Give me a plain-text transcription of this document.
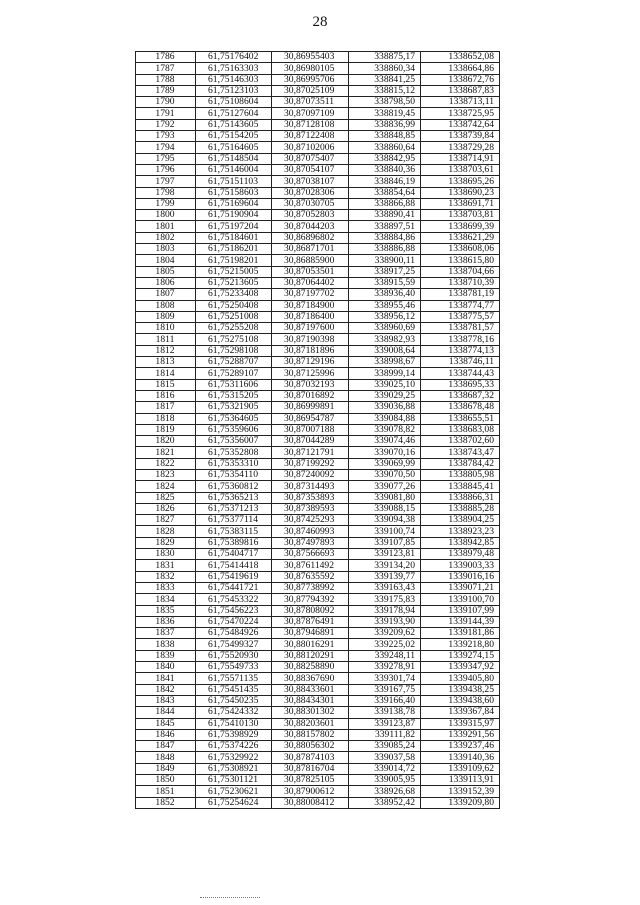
28
1786	61,75176402	30,86955403	338875,17	1338652,08
1787	61,75163303	30,86980105	338860,34	1338664,86
1788	61,75146303	30,86995706	338841,25	1338672,76
1789	61,75123103	30,87025109	338815,12	1338687,83
1790	61,75108604	30,87073511	338798,50	1338713,11
1791	61,75127604	30,87097109	338819,45	1338725,95
1792	61,75143605	30,87128108	338836,99	1338742,64
1793	61,75154205	30,87122408	338848,85	1338739,84
1794	61,75164605	30,87102006	338860,64	1338729,28
1795	61,75148504	30,87075407	338842,95	1338714,91
1796	61,75146004	30,87054107	338840,36	1338703,61
1797	61,75151103	30,87038107	338846,19	1338695,26
1798	61,75158603	30,87028306	338854,64	1338690,23
1799	61,75169604	30,87030705	338866,88	1338691,71
1800	61,75190904	30,87052803	338890,41	1338703,81
1801	61,75197204	30,87044203	338897,51	1338699,39
1802	61,75184601	30,86896802	338884,86	1338621,29
1803	61,75186201	30,86871701	338886,88	1338608,06
1804	61,75198201	30,86885900	338900,11	1338615,80
1805	61,75215005	30,87053501	338917,25	1338704,66
1806	61,75213605	30,87064402	338915,59	1338710,39
1807	61,75233408	30,87197702	338936,40	1338781,19
1808	61,75250408	30,87184900	338955,46	1338774,77
1809	61,75251008	30,87186400	338956,12	1338775,57
1810	61,75255208	30,87197600	338960,69	1338781,57
1811	61,75275108	30,87190398	338982,93	1338778,16
1812	61,75298108	30,87181896	339008,64	1338774,13
1813	61,75288707	30,87129196	338998,67	1338746,11
1814	61,75289107	30,87125996	338999,14	1338744,43
1815	61,75311606	30,87032193	339025,10	1338695,33
1816	61,75315205	30,87016892	339029,25	1338687,32
1817	61,75321905	30,86999891	339036,88	1338678,48
1818	61,75364605	30,86954787	339084,88	1338655,51
1819	61,75359606	30,87007188	339078,82	1338683,08
1820	61,75356007	30,87044289	339074,46	1338702,60
1821	61,75352808	30,87121791	339070,16	1338743,47
1822	61,75353310	30,87199292	339069,99	1338784,42
1823	61,75354110	30,87240092	339070,50	1338805,98
1824	61,75360812	30,87314493	339077,26	1338845,41
1825	61,75365213	30,87353893	339081,80	1338866,31
1826	61,75371213	30,87389593	339088,15	1338885,28
1827	61,75377114	30,87425293	339094,38	1338904,25
1828	61,75383115	30,87460993	339100,74	1338923,23
1829	61,75389816	30,87497893	339107,85	1338942,85
1830	61,75404717	30,87566693	339123,81	1338979,48
1831	61,75414418	30,87611492	339134,20	1339003,33
1832	61,75419619	30,87635592	339139,77	1339016,16
1833	61,75441721	30,87738992	339163,43	1339071,21
1834	61,75453322	30,87794392	339175,83	1339100,70
1835	61,75456223	30,87808092	339178,94	1339107,99
1836	61,75470224	30,87876491	339193,90	1339144,39
1837	61,75484926	30,87946891	339209,62	1339181,86
1838	61,75499327	30,88016291	339225,02	1339218,80
1839	61,75520930	30,88120291	339248,11	1339274,15
1840	61,75549733	30,88258890	339278,91	1339347,92
1841	61,75571135	30,88367690	339301,74	1339405,80
1842	61,75451435	30,88433601	339167,75	1339438,25
1843	61,75450235	30,88434301	339166,40	1339438,60
1844	61,75424332	30,88301302	339138,78	1339367,84
1845	61,75410130	30,88203601	339123,87	1339315,97
1846	61,75398929	30,88157802	339111,82	1339291,56
1847	61,75374226	30,88056302	339085,24	1339237,46
1848	61,75329922	30,87874103	339037,58	1339140,36
1849	61,75308921	30,87816704	339014,72	1339109,62
1850	61,75301121	30,87825105	339005,95	1339113,91
1851	61,75230621	30,87900612	338926,68	1339152,39
1852	61,75254624	30,88008412	338952,42	1339209,80
